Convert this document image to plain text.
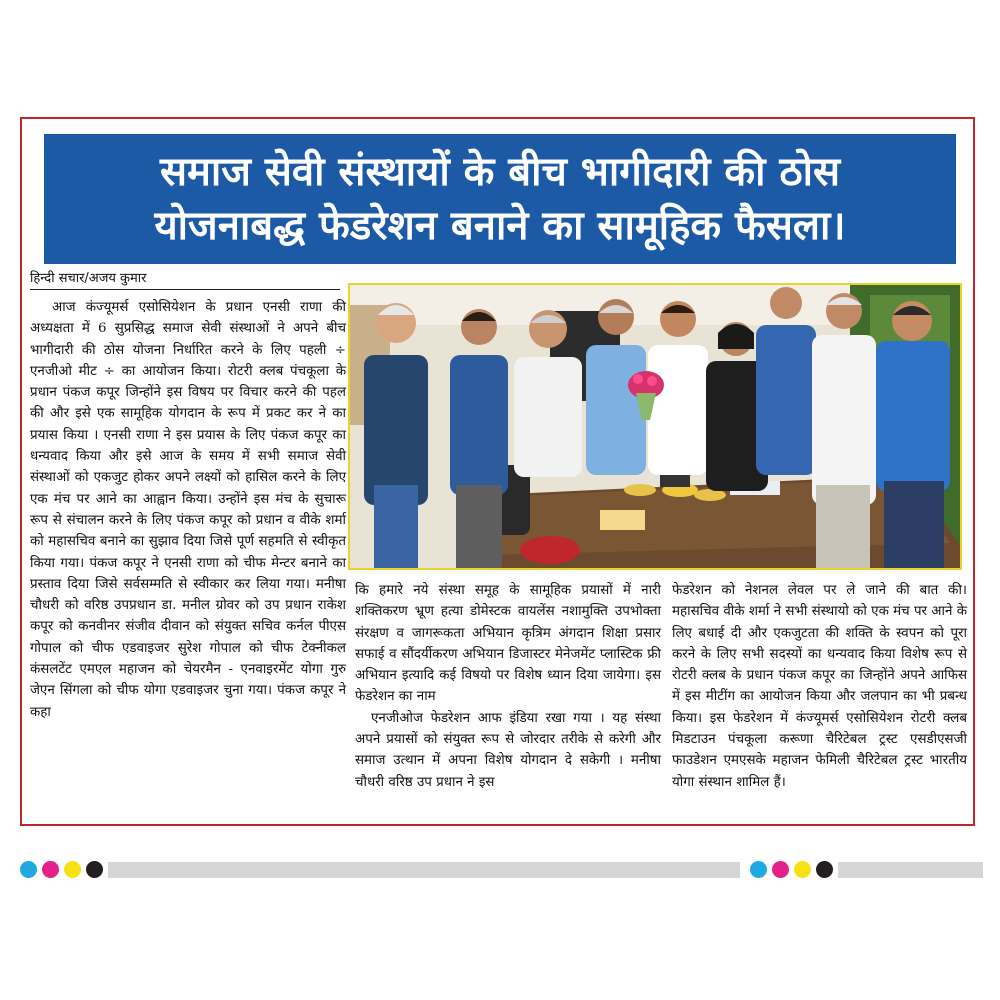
समाज सेवी संस्थायों के बीच भागीदारी की ठोस
योजनाबद्ध फेडरेशन बनाने का सामूहिक फैसला।
हिन्दी सचार/अजय कुमार

आज कंज्यूमर्स एसोसियेशन के प्रधान एनसी राणा की अध्यक्षता में 6 सुप्रसिद्ध समाज सेवी संस्थाओं ने अपने बीच भागीदारी की ठोस योजना निर्धारित करने के लिए पहली ÷ एनजीओ मीट ÷ का आयोजन किया। रोटरी क्लब पंचकूला के प्रधान पंकज कपूर जिन्होंने इस विषय पर विचार करने की पहल की और इसे एक सामूहिक योगदान के रूप में प्रकट कर ने का प्रयास किया । एनसी राणा ने इस प्रयास के लिए पंकज कपूर का धन्यवाद किया और इसे आज के समय में सभी समाज सेवी संस्थाओं को एकजुट होकर अपने लक्ष्यों को हासिल करने के लिए एक मंच पर आने का आह्वान किया। उन्होंने इस मंच के सुचारू रूप से संचालन करने के लिए पंकज कपूर को प्रधान व वीके शर्मा को महासचिव बनाने का सुझाव दिया जिसे पूर्ण सहमति से स्वीकृत किया गया। पंकज कपूर ने एनसी राणा को चीफ मेन्टर बनाने का प्रस्ताव दिया जिसे सर्वसम्मति से स्वीकार कर लिया गया। मनीषा चौधरी को वरिष्ठ उपप्रधान डा. मनील ग्रोवर को उप प्रधान राकेश कपूर को कनवीनर संजीव दीवान को संयुक्त सचिव कर्नल पीएस गोपाल को चीफ एडवाइजर सुरेश गोपाल को चीफ टेक्नीकल कंसलटेंट एमएल महाजन को चेयरमैन - एनवाइरमेंट योगा गुरु जेएन सिंगला को चीफ योगा एडवाइजर चुना गया। पंकज कपूर ने कहा

कि हमारे नये संस्था समूह के सामूहिक प्रयासों में नारी शक्तिकरण भ्रूण हत्या डोमेस्टक वायलेंस नशामुक्ति उपभोक्ता संरक्षण व जागरूकता अभियान कृत्रिम अंगदान शिक्षा प्रसार सफाई व सौंदर्यीकरण अभियान डिजास्टर मेनेजमेंट प्लास्टिक फ्री अभियान इत्यादि कई विषयो पर विशेष ध्यान दिया जायेगा। इस फेडरेशन का नाम

एनजीओज फेडरेशन आफ इंडिया रखा गया । यह संस्था अपने प्रयासों को संयुक्त रूप से जोरदार तरीके से करेगी और समाज उत्थान में अपना विशेष योगदान दे सकेगी । मनीषा चौधरी वरिष्ठ उप प्रधान ने इस

फेडरेशन को नेशनल लेवल पर ले जाने की बात की। महासचिव वीके शर्मा ने सभी संस्थायो को एक मंच पर आने के लिए बधाई दी और एकजुटता की शक्ति के स्वपन को पूरा करने के लिए सभी सदस्यों का धन्यवाद किया विशेष रूप से रोटरी क्लब के प्रधान पंकज कपूर का जिन्होंने अपने आफिस में इस मीटींग का आयोजन किया और जलपान का भी प्रबन्ध किया। इस फेडरेशन में कंज्यूमर्स एसोसियेशन रोटरी क्लब मिडटाउन पंचकूला करूणा चैरिटेबल ट्रस्ट एसडीएसजी फाउडेशन एमएसके महाजन फेमिली चैरिटेबल ट्रस्ट भारतीय योगा संस्थान शामिल हैं।
